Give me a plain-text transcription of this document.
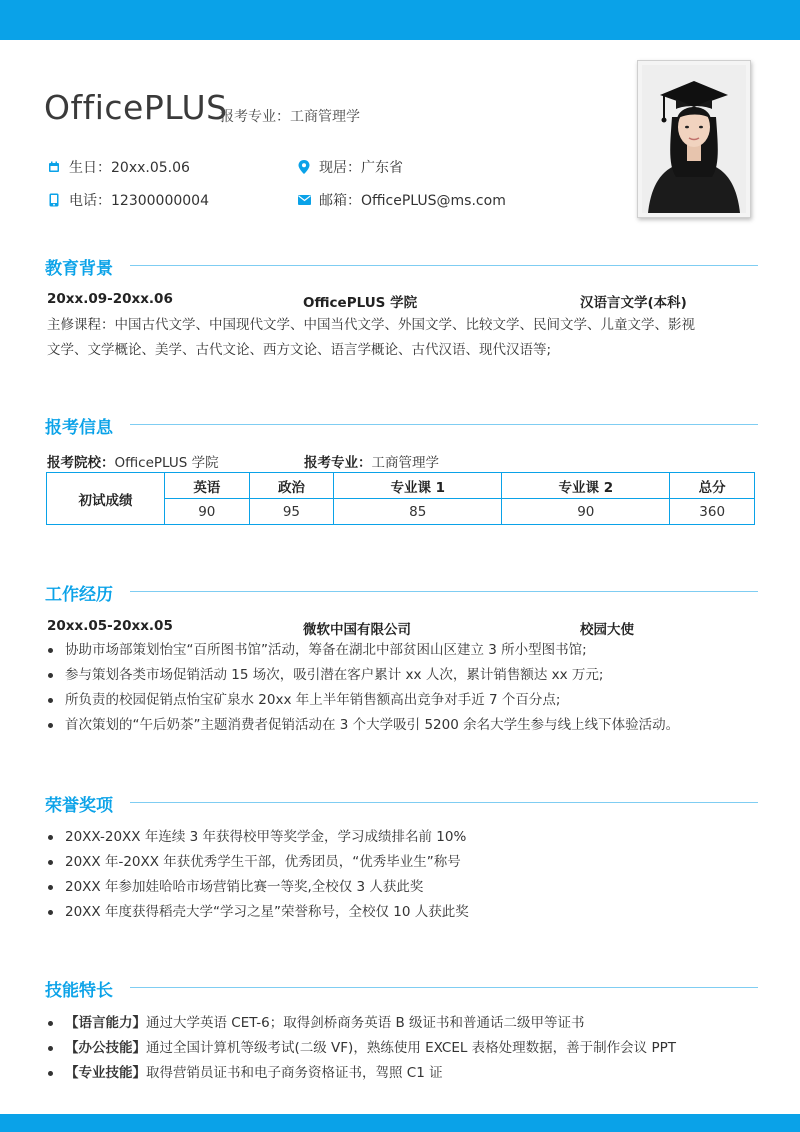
OfficePLUS
报考专业：工商管理学
生日：20xx.05.06	现居：广东省
电话：12300000004	邮箱：OfficePLUS@ms.com
教育背景
20xx.09-20xx.06	OfficePLUS 学院	汉语言文学(本科)
主修课程：中国古代文学、中国现代文学、中国当代文学、外国文学、比较文学、民间文学、儿童文学、影视
文学、文学概论、美学、古代文论、西方文论、语言学概论、古代汉语、现代汉语等;
报考信息
报考院校：OfficePLUS 学院	报考专业：工商管理学
初试成绩	英语	政治	专业课 1	专业课 2	总分
	90	95	85	90	360
工作经历
20xx.05-20xx.05	微软中国有限公司	校园大使
协助市场部策划怡宝“百所图书馆”活动，筹备在湖北中部贫困山区建立 3 所小型图书馆;
参与策划各类市场促销活动 15 场次，吸引潜在客户累计 xx 人次，累计销售额达 xx 万元;
所负责的校园促销点怡宝矿泉水 20xx 年上半年销售额高出竞争对手近 7 个百分点;
首次策划的“午后奶茶”主题消费者促销活动在 3 个大学吸引 5200 余名大学生参与线上线下体验活动。
荣誉奖项
20XX-20XX 年连续 3 年获得校甲等奖学金，学习成绩排名前 10%
20XX 年-20XX 年获优秀学生干部，优秀团员，“优秀毕业生”称号
20XX 年参加娃哈哈市场营销比赛一等奖,全校仅 3 人获此奖
20XX 年度获得稻壳大学“学习之星”荣誉称号，全校仅 10 人获此奖
技能特长
【语言能力】通过大学英语 CET-6；取得剑桥商务英语 B 级证书和普通话二级甲等证书
【办公技能】通过全国计算机等级考试(二级 VF)，熟练使用 EXCEL 表格处理数据，善于制作会议 PPT
【专业技能】取得营销员证书和电子商务资格证书，驾照 C1 证
